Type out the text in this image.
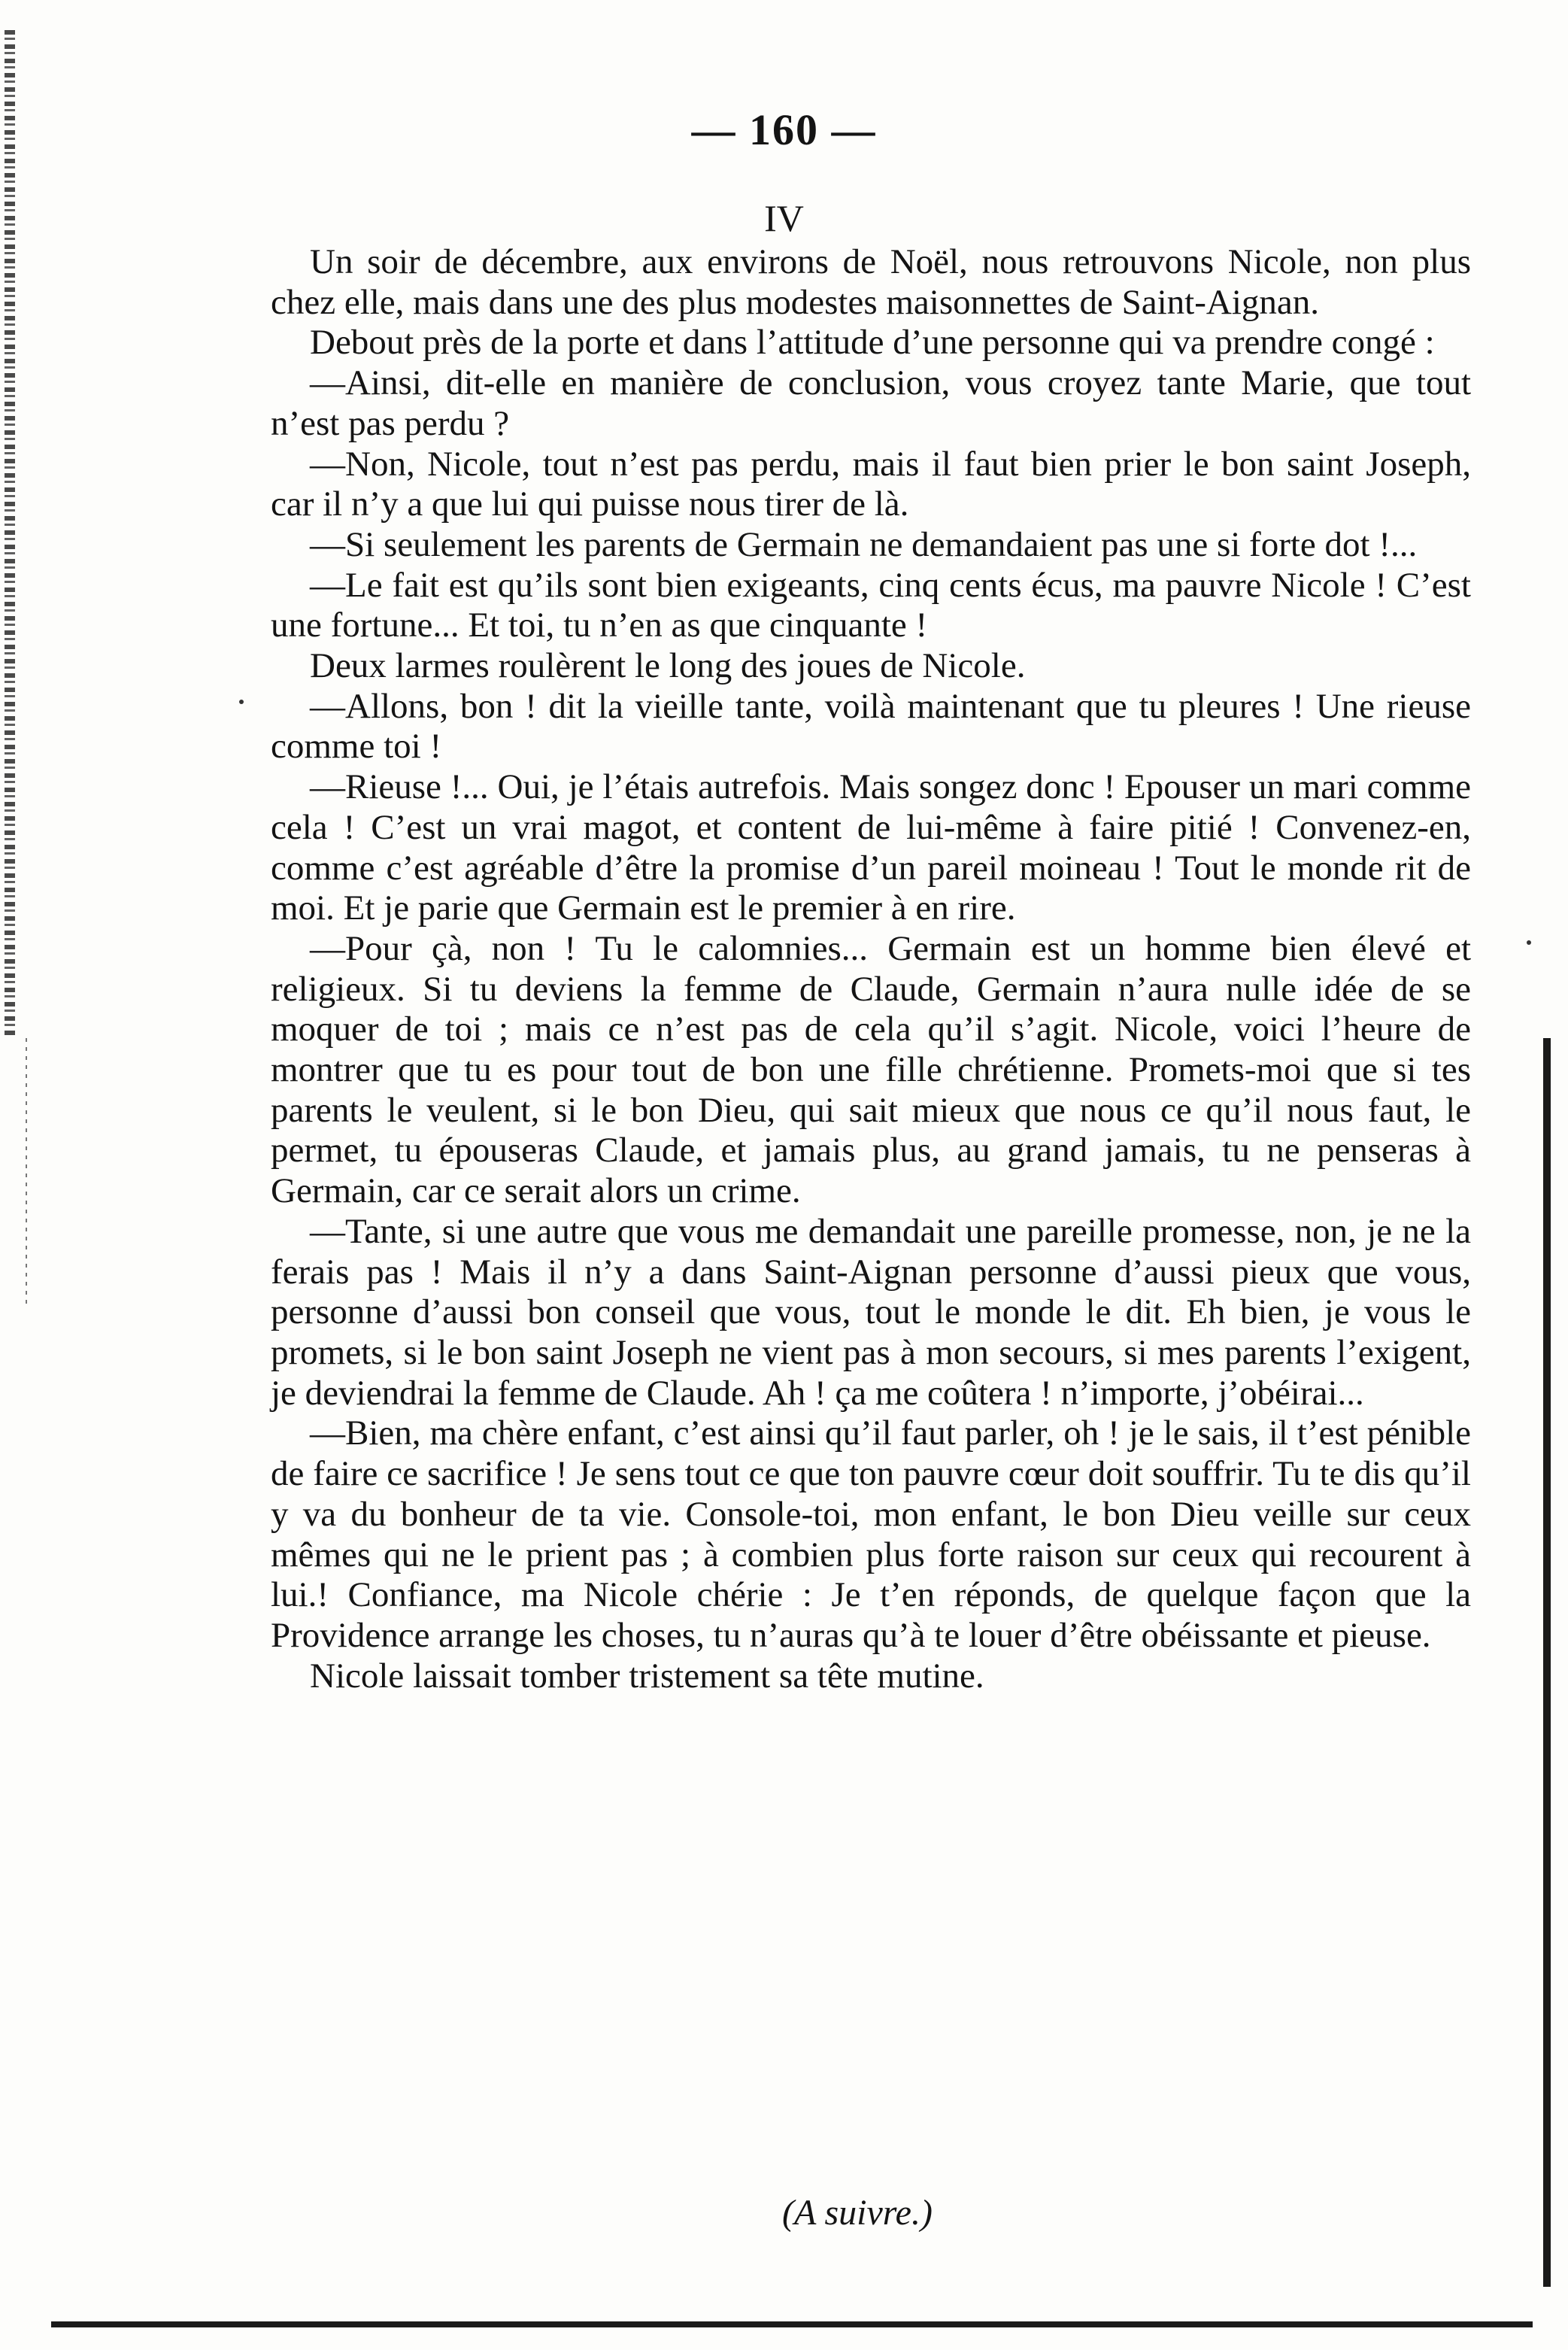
— 160 —
IV

Un soir de décembre, aux environs de Noël, nous retrouvons Nicole, non plus chez elle, mais dans une des plus modestes maisonnettes de Saint-Aignan.

Debout près de la porte et dans l’attitude d’une personne qui va prendre congé :

—Ainsi, dit-elle en manière de conclusion, vous croyez tante Marie, que tout n’est pas perdu ?

—Non, Nicole, tout n’est pas perdu, mais il faut bien prier le bon saint Joseph, car il n’y a que lui qui puisse nous tirer de là.

—Si seulement les parents de Germain ne demandaient pas une si forte dot !...

—Le fait est qu’ils sont bien exigeants, cinq cents écus, ma pauvre Nicole ! C’est une fortune... Et toi, tu n’en as que cinquante !

Deux larmes roulèrent le long des joues de Nicole.

—Allons, bon ! dit la vieille tante, voilà maintenant que tu pleures ! Une rieuse comme toi !

—Rieuse !... Oui, je l’étais autrefois. Mais songez donc ! Epouser un mari comme cela ! C’est un vrai magot, et content de lui-même à faire pitié ! Convenez-en, comme c’est agréable d’être la promise d’un pareil moineau ! Tout le monde rit de moi. Et je parie que Germain est le premier à en rire.

—Pour çà, non ! Tu le calomnies... Germain est un homme bien élevé et religieux. Si tu deviens la femme de Claude, Germain n’aura nulle idée de se moquer de toi ; mais ce n’est pas de cela qu’il s’agit. Nicole, voici l’heure de montrer que tu es pour tout de bon une fille chrétienne. Promets-moi que si tes parents le veulent, si le bon Dieu, qui sait mieux que nous ce qu’il nous faut, le permet, tu épouseras Claude, et jamais plus, au grand jamais, tu ne penseras à Germain, car ce serait alors un crime.

—Tante, si une autre que vous me demandait une pareille promesse, non, je ne la ferais pas ! Mais il n’y a dans Saint-Aignan personne d’aussi pieux que vous, personne d’aussi bon conseil que vous, tout le monde le dit. Eh bien, je vous le promets, si le bon saint Joseph ne vient pas à mon secours, si mes parents l’exigent, je deviendrai la femme de Claude. Ah ! ça me coûtera ! n’importe, j’obéirai...

—Bien, ma chère enfant, c’est ainsi qu’il faut parler, oh ! je le sais, il t’est pénible de faire ce sacrifice ! Je sens tout ce que ton pauvre cœur doit souffrir. Tu te dis qu’il y va du bonheur de ta vie. Console-toi, mon enfant, le bon Dieu veille sur ceux mêmes qui ne le prient pas ; à combien plus forte raison sur ceux qui recourent à lui.! Confiance, ma Nicole chérie : Je t’en réponds, de quelque façon que la Providence arrange les choses, tu n’auras qu’à te louer d’être obéissante et pieuse.

Nicole laissait tomber tristement sa tête mutine.

(A suivre.)
